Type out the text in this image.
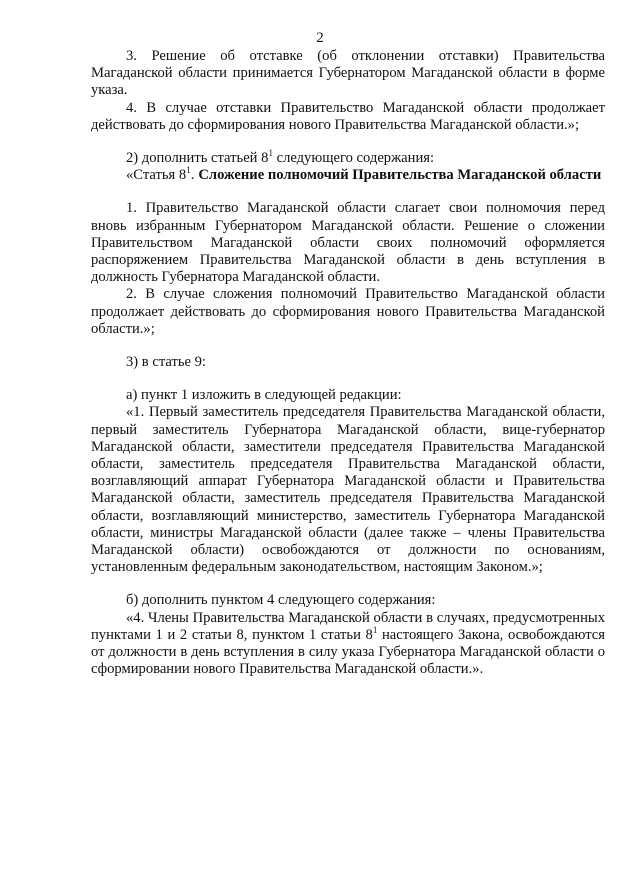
2

3. Решение об отставке (об отклонении отставки) Правительства Магаданской области принимается Губернатором Магаданской области в форме указа.

4. В случае отставки Правительство Магаданской области продолжает действовать до сформирования нового Правительства Магаданской области.»;

2) дополнить статьей $8^1$ следующего содержания:

«Статья $8^1$. Сложение полномочий Правительства Магаданской области

1. Правительство Магаданской области слагает свои полномочия перед вновь избранным Губернатором Магаданской области. Решение о сложении Правительством Магаданской области своих полномочий оформляется распоряжением Правительства Магаданской области в день вступления в должность Губернатора Магаданской области.

2. В случае сложения полномочий Правительство Магаданской области продолжает действовать до сформирования нового Правительства Магаданской области.»;

3) в статье 9:

а) пункт 1 изложить в следующей редакции:

«1. Первый заместитель председателя Правительства Магаданской области, первый заместитель Губернатора Магаданской области, вице-губернатор Магаданской области, заместители председателя Правительства Магаданской области, заместитель председателя Правительства Магаданской области, возглавляющий аппарат Губернатора Магаданской области и Правительства Магаданской области, заместитель председателя Правительства Магаданской области, возглавляющий министерство, заместитель Губернатора Магаданской области, министры Магаданской области (далее также – члены Правительства Магаданской области) освобождаются от должности по основаниям, установленным федеральным законодательством, настоящим Законом.»;

б) дополнить пунктом 4 следующего содержания:

«4. Члены Правительства Магаданской области в случаях, предусмотренных пунктами 1 и 2 статьи 8, пунктом 1 статьи $8^1$ настоящего Закона, освобождаются от должности в день вступления в силу указа Губернатора Магаданской области о сформировании нового Правительства Магаданской области.».
